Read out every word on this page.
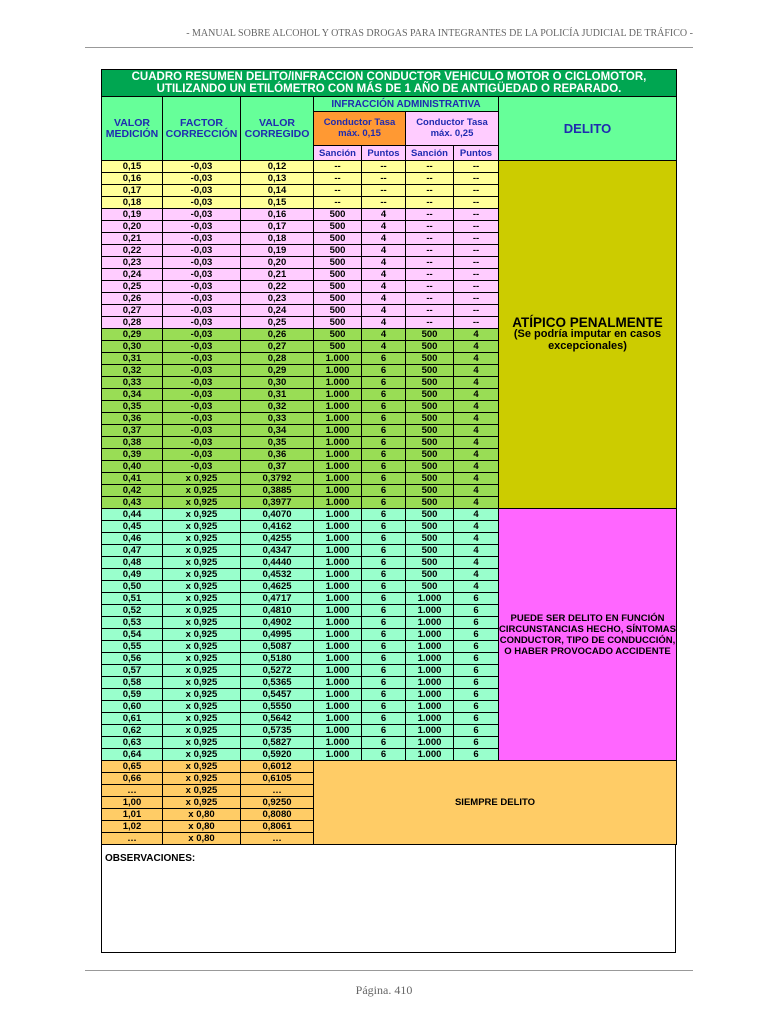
- MANUAL SOBRE ALCOHOL Y OTRAS DROGAS PARA INTEGRANTES DE LA POLICÍA JUDICIAL DE TRÁFICO -
CUADRO RESUMEN DELITO/INFRACCION CONDUCTOR VEHICULO MOTOR O CICLOMOTOR,
UTILIZANDO UN ETILÓMETRO CON MÁS DE 1 AÑO DE ANTIGÜEDAD O REPARADO.							

VALOR MEDICIÓN	FACTOR CORRECCIÓN	VALOR CORREGIDO	INFRACCIÓN ADMINISTRATIVA				DELITO
			Conductor Tasa máx. 0,15		Conductor Tasa máx. 0,25		
			Sanción	Puntos	Sanción	Puntos	
0,15	-0,03	0,12	--	--	--	--	ATÍPICO PENALMENTE
(Se podría imputar en casos excepcionales)

0,16	-0,03	0,13	--	--	--	--	
0,17	-0,03	0,14	--	--	--	--	
0,18	-0,03	0,15	--	--	--	--	
0,19	-0,03	0,16	500	4	--	--	
0,20	-0,03	0,17	500	4	--	--	
0,21	-0,03	0,18	500	4	--	--	
0,22	-0,03	0,19	500	4	--	--	
0,23	-0,03	0,20	500	4	--	--	
0,24	-0,03	0,21	500	4	--	--	
0,25	-0,03	0,22	500	4	--	--	
0,26	-0,03	0,23	500	4	--	--	
0,27	-0,03	0,24	500	4	--	--	
0,28	-0,03	0,25	500	4	--	--	
0,29	-0,03	0,26	500	4	500	4	
0,30	-0,03	0,27	500	4	500	4	
0,31	-0,03	0,28	1.000	6	500	4	
0,32	-0,03	0,29	1.000	6	500	4	
0,33	-0,03	0,30	1.000	6	500	4	
0,34	-0,03	0,31	1.000	6	500	4	
0,35	-0,03	0,32	1.000	6	500	4	
0,36	-0,03	0,33	1.000	6	500	4	
0,37	-0,03	0,34	1.000	6	500	4	
0,38	-0,03	0,35	1.000	6	500	4	
0,39	-0,03	0,36	1.000	6	500	4	
0,40	-0,03	0,37	1.000	6	500	4	
0,41	x 0,925	0,3792	1.000	6	500	4	
0,42	x 0,925	0,3885	1.000	6	500	4	
0,43	x 0,925	0,3977	1.000	6	500	4	
0,44	x 0,925	0,4070	1.000	6	500	4	PUEDE SER DELITO EN FUNCIÓN CIRCUNSTANCIAS HECHO, SÍNTOMAS CONDUCTOR, TIPO DE CONDUCCIÓN, O HABER PROVOCADO ACCIDENTE
0,45	x 0,925	0,4162	1.000	6	500	4	
0,46	x 0,925	0,4255	1.000	6	500	4	
0,47	x 0,925	0,4347	1.000	6	500	4	
0,48	x 0,925	0,4440	1.000	6	500	4	
0,49	x 0,925	0,4532	1.000	6	500	4	
0,50	x 0,925	0,4625	1.000	6	500	4	
0,51	x 0,925	0,4717	1.000	6	1.000	6	
0,52	x 0,925	0,4810	1.000	6	1.000	6	
0,53	x 0,925	0,4902	1.000	6	1.000	6	
0,54	x 0,925	0,4995	1.000	6	1.000	6	
0,55	x 0,925	0,5087	1.000	6	1.000	6	
0,56	x 0,925	0,5180	1.000	6	1.000	6	
0,57	x 0,925	0,5272	1.000	6	1.000	6	
0,58	x 0,925	0,5365	1.000	6	1.000	6	
0,59	x 0,925	0,5457	1.000	6	1.000	6	
0,60	x 0,925	0,5550	1.000	6	1.000	6	
0,61	x 0,925	0,5642	1.000	6	1.000	6	
0,62	x 0,925	0,5735	1.000	6	1.000	6	
0,63	x 0,925	0,5827	1.000	6	1.000	6	
0,64	x 0,925	0,5920	1.000	6	1.000	6	
0,65	x 0,925	0,6012	SIEMPRE DELITO				
0,66	x 0,925	0,6105					
…	x 0,925	…					
1,00	x 0,925	0,9250					
1,01	x 0,80	0,8080					
1,02	x 0,80	0,8061					
…	x 0,80	…					
OBSERVACIONES:
Página. 410
